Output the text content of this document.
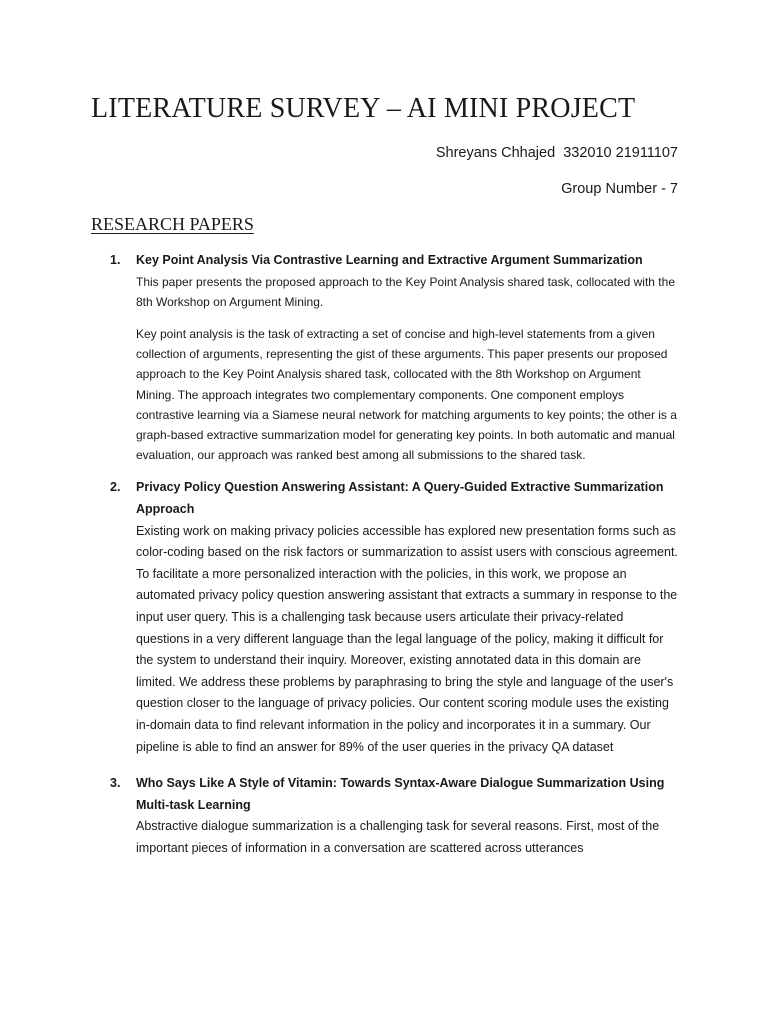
LITERATURE SURVEY – AI MINI PROJECT
Shreyans Chhajed  332010 21911107
Group Number - 7
RESEARCH PAPERS
1. Key Point Analysis Via Contrastive Learning and Extractive Argument Summarization

This paper presents the proposed approach to the Key Point Analysis shared task, collocated with the 8th Workshop on Argument Mining.

Key point analysis is the task of extracting a set of concise and high-level statements from a given collection of arguments, representing the gist of these arguments. This paper presents our proposed approach to the Key Point Analysis shared task, collocated with the 8th Workshop on Argument Mining. The approach integrates two complementary components. One component employs contrastive learning via a Siamese neural network for matching arguments to key points; the other is a graph-based extractive summarization model for generating key points. In both automatic and manual evaluation, our approach was ranked best among all submissions to the shared task.

2. Privacy Policy Question Answering Assistant: A Query-Guided Extractive Summarization Approach

Existing work on making privacy policies accessible has explored new presentation forms such as color-coding based on the risk factors or summarization to assist users with conscious agreement. To facilitate a more personalized interaction with the policies, in this work, we propose an automated privacy policy question answering assistant that extracts a summary in response to the input user query. This is a challenging task because users articulate their privacy-related questions in a very different language than the legal language of the policy, making it difficult for the system to understand their inquiry. Moreover, existing annotated data in this domain are limited. We address these problems by paraphrasing to bring the style and language of the user's question closer to the language of privacy policies. Our content scoring module uses the existing in-domain data to find relevant information in the policy and incorporates it in a summary. Our pipeline is able to find an answer for 89% of the user queries in the privacy QA dataset

3. Who Says Like A Style of Vitamin: Towards Syntax-Aware Dialogue Summarization Using Multi-task Learning

Abstractive dialogue summarization is a challenging task for several reasons. First, most of the important pieces of information in a conversation are scattered across utterances
